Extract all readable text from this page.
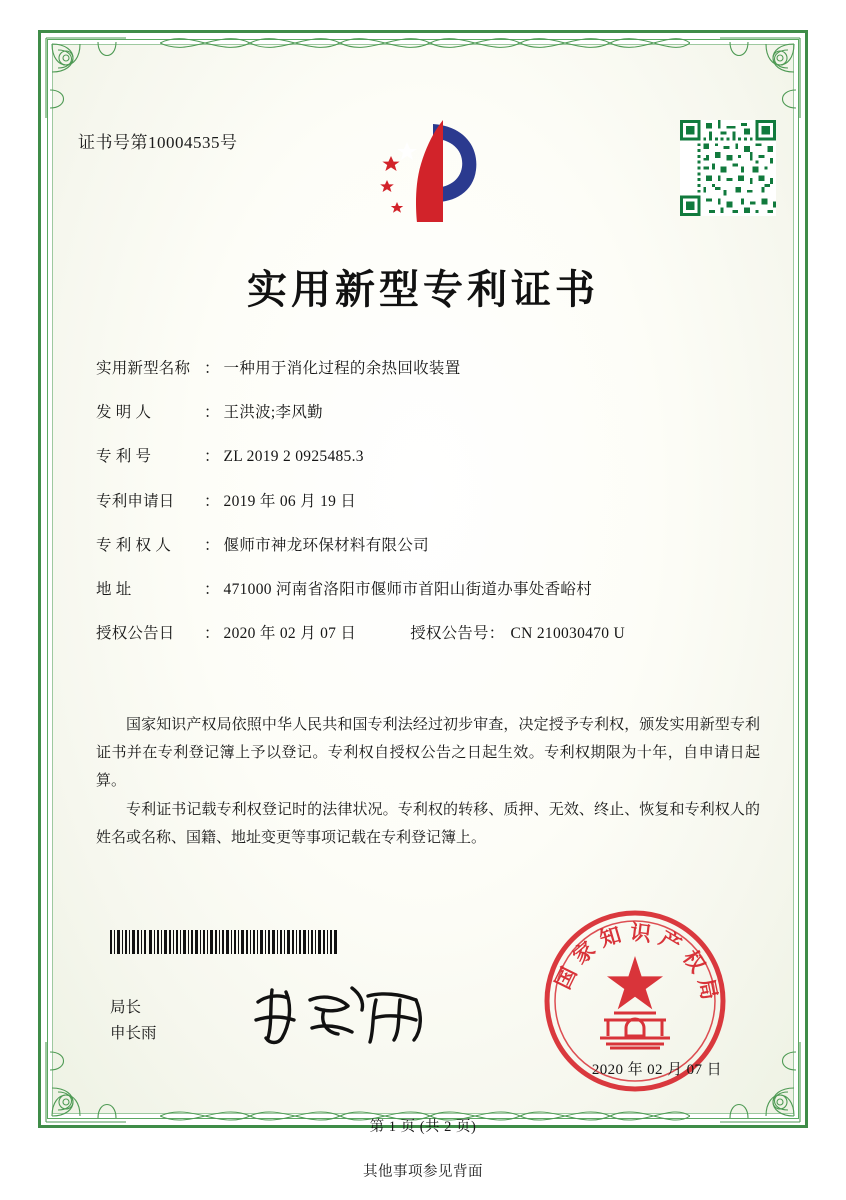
证书号第10004535号
实用新型专利证书
实用新型名称 ： 一种用于消化过程的余热回收装置
发 明 人	： 王洪波;李风勤
专 利 号	： ZL 2019 2 0925485.3
专利申请日	： 2019 年 06 月 19 日
专 利 权 人	： 偃师市神龙环保材料有限公司
地 址	： 471000 河南省洛阳市偃师市首阳山街道办事处香峪村
授权公告日	： 2020 年 02 月 07 日	授权公告号 ： CN 210030470 U

国家知识产权局依照中华人民共和国专利法经过初步审查，决定授予专利权，颁发实用新型专利证书并在专利登记簿上予以登记。专利权自授权公告之日起生效。专利权期限为十年，自申请日起算。

专利证书记载专利权登记时的法律状况。专利权的转移、质押、无效、终止、恢复和专利权人的姓名或名称、国籍、地址变更等事项记载在专利登记簿上。

国家知识产权局
局长
申长雨
2020 年 02 月 07 日
第 1 页 (共 2 页)
其他事项参见背面
